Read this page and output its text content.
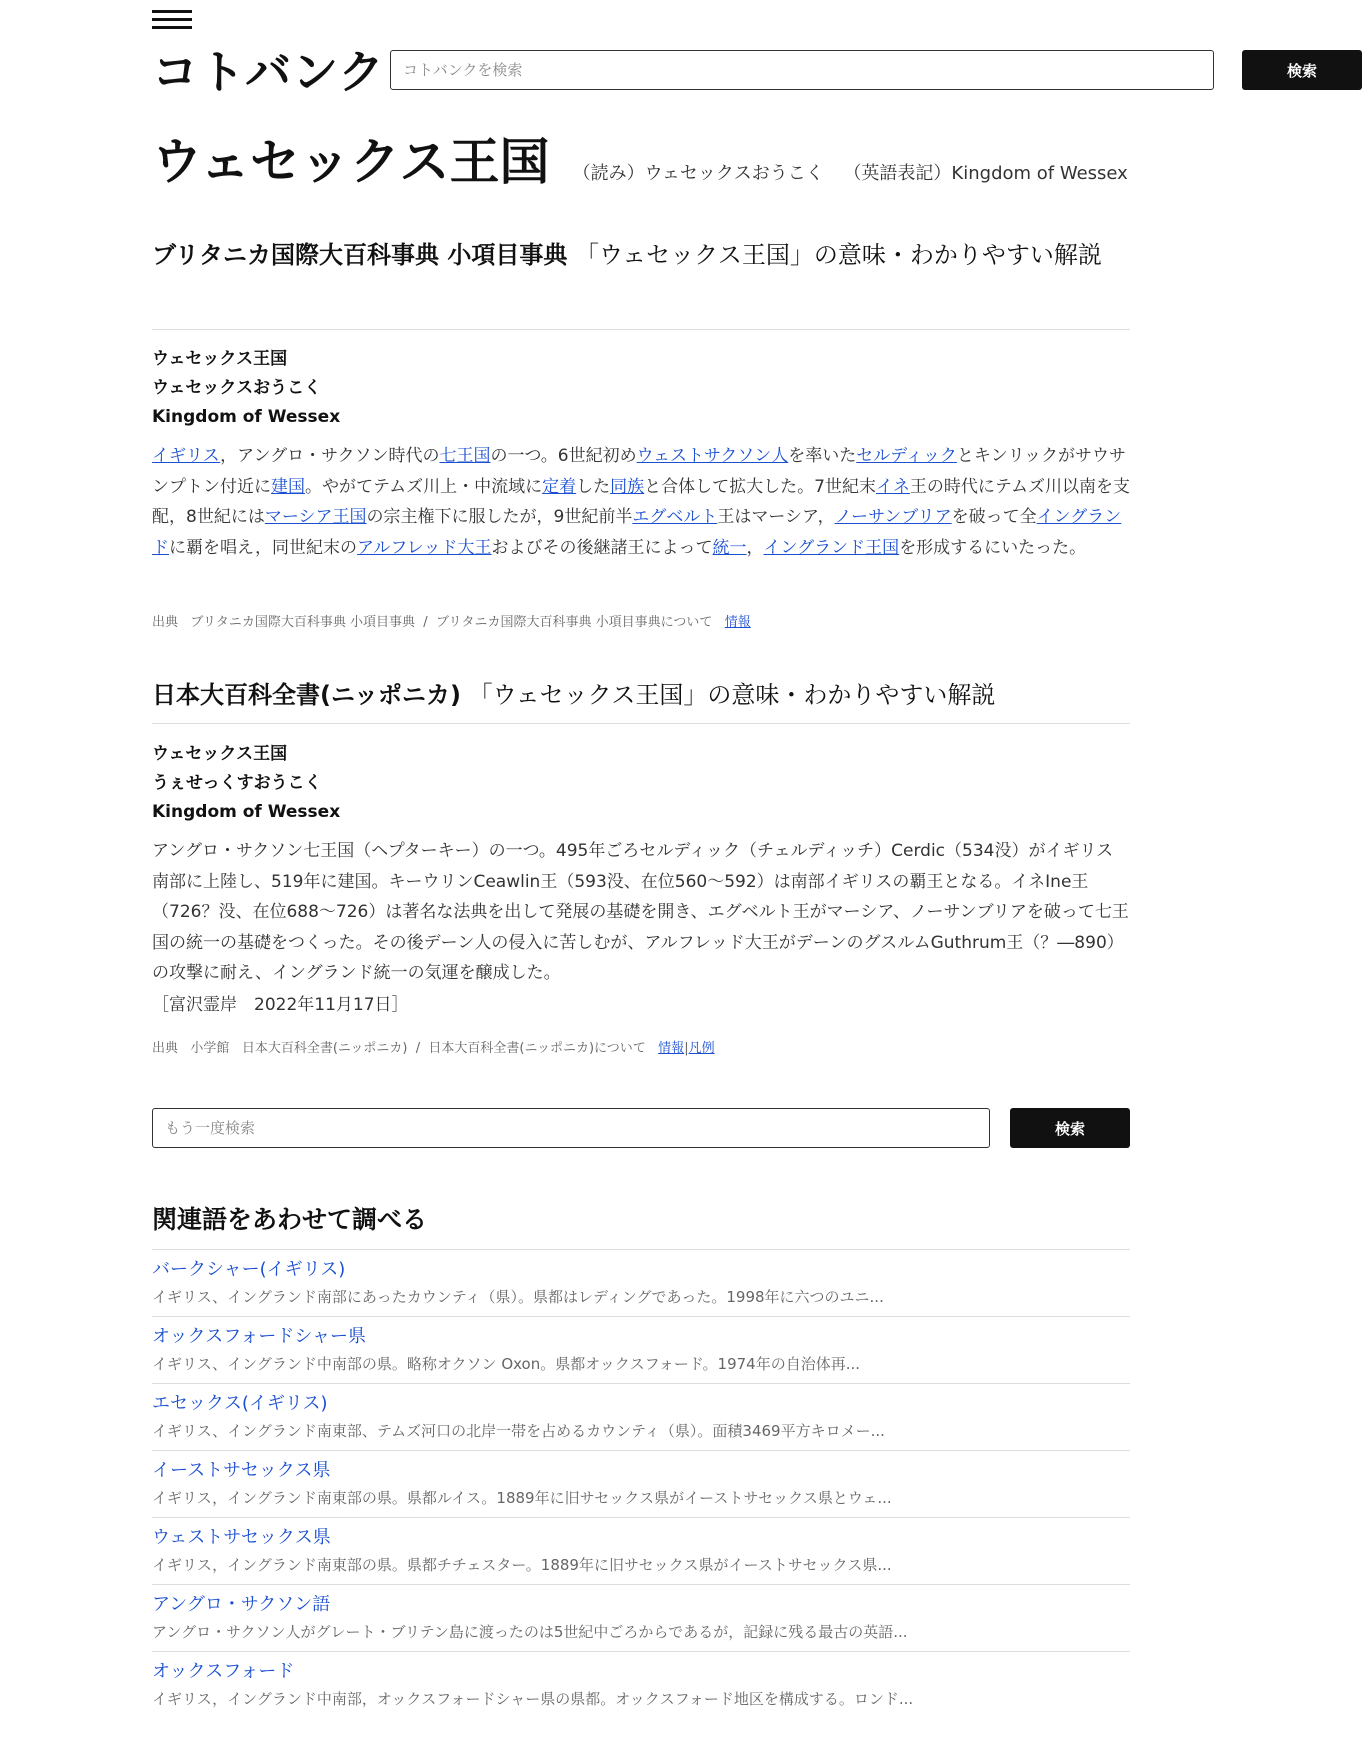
コトバンク
コトバンクを検索	検索
ウェセックス王国 （読み）ウェセックスおうこく （英語表記）Kingdom of Wessex
ブリタニカ国際大百科事典 小項目事典 「ウェセックス王国」の意味・わかりやすい解説
ウェセックス王国
ウェセックスおうこく
Kingdom of Wessex
イギリス，アングロ・サクソン時代の七王国の一つ。6世紀初めウェストサクソン人を率いたセルディックとキンリックがサウサンプトン付近に建国。やがてテムズ川上・中流域に定着した同族と合体して拡大した。7世紀末イネ王の時代にテムズ川以南を支配，8世紀にはマーシア王国の宗主権下に服したが，9世紀前半エグベルト王はマーシア，ノーサンブリアを破って全イングランドに覇を唱え，同世紀末のアルフレッド大王およびその後継諸王によって統一，イングランド王国を形成するにいたった。
出典 ブリタニカ国際大百科事典 小項目事典  /  ブリタニカ国際大百科事典 小項目事典について 情報
日本大百科全書(ニッポニカ) 「ウェセックス王国」の意味・わかりやすい解説
ウェセックス王国
うぇせっくすおうこく
Kingdom of Wessex
アングロ・サクソン七王国（ヘプターキー）の一つ。495年ごろセルディック（チェルディッチ）Cerdic（534没）がイギリス南部に上陸し、519年に建国。キーウリンCeawlin王（593没、在位560～592）は南部イギリスの覇王となる。イネIne王（726？没、在位688～726）は著名な法典を出して発展の基礎を開き、エグベルト王がマーシア、ノーサンブリアを破って七王国の統一の基礎をつくった。その後デーン人の侵入に苦しむが、アルフレッド大王がデーンのグスルムGuthrum王（？―890）の攻撃に耐え、イングランド統一の気運を醸成した。
［富沢霊岸　2022年11月17日］
出典 小学館 日本大百科全書(ニッポニカ)  /  日本大百科全書(ニッポニカ)について 情報|凡例
もう一度検索
検索
関連語をあわせて調べる
バークシャー(イギリス)
イギリス、イングランド南部にあったカウンティ（県）。県都はレディングであった。1998年に六つのユニ...
オックスフォードシャー県
イギリス、イングランド中南部の県。略称オクソン Oxon。県都オックスフォード。1974年の自治体再...
エセックス(イギリス)
イギリス、イングランド南東部、テムズ河口の北岸一帯を占めるカウンティ（県）。面積3469平方キロメー...
イーストサセックス県
イギリス，イングランド南東部の県。県都ルイス。1889年に旧サセックス県がイーストサセックス県とウェ...
ウェストサセックス県
イギリス，イングランド南東部の県。県都チチェスター。1889年に旧サセックス県がイーストサセックス県...
アングロ・サクソン語
アングロ・サクソン人がグレート・ブリテン島に渡ったのは5世紀中ごろからであるが，記録に残る最古の英語...
オックスフォード
イギリス，イングランド中南部，オックスフォードシャー県の県都。オックスフォード地区を構成する。ロンド...
